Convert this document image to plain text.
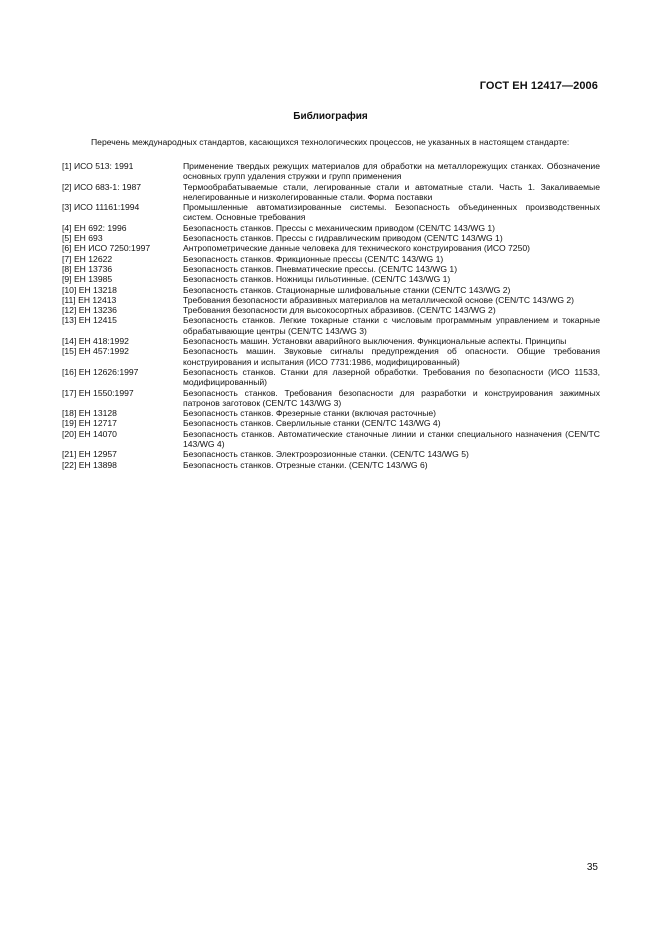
ГОСТ ЕН 12417—2006
Библиография
Перечень международных стандартов, касающихся технологических процессов, не указанных в настоящем стандарте:
[1] ИСО 513: 1991	Применение твердых режущих материалов для обработки на металлорежущих станках. Обозначение основных групп удаления стружки и групп применения
[2] ИСО 683-1: 1987	Термообрабатываемые стали, легированные стали и автоматные стали. Часть 1. Закаливаемые нелегированные и низколегированные стали. Форма поставки
[3] ИСО 11161:1994	Промышленные автоматизированные системы. Безопасность объединенных производственных систем. Основные требования
[4] ЕН 692: 1996	Безопасность станков. Прессы с механическим приводом (CEN/TC 143/WG 1)
[5] ЕН 693	Безопасность станков. Прессы с гидравлическим приводом (CEN/TC 143/WG 1)
[6] ЕН ИСО 7250:1997	Антропометрические данные человека для технического конструирования (ИСО 7250)
[7] ЕН 12622	Безопасность станков. Фрикционные прессы (CEN/TC 143/WG 1)
[8] ЕН 13736	Безопасность станков. Пневматические прессы. (CEN/TC 143/WG 1)
[9] ЕН 13985	Безопасность станков. Ножницы гильотинные. (CEN/TC 143/WG 1)
[10] ЕН 13218	Безопасность станков. Стационарные шлифовальные станки (CEN/TC 143/WG 2)
[11] ЕН 12413	Требования безопасности абразивных материалов на металлической основе (CEN/TC 143/WG 2)
[12] ЕН 13236	Требования безопасности для высокосортных абразивов. (CEN/TC 143/WG 2)
[13] ЕН 12415	Безопасность станков. Легкие токарные станки с числовым программным управлением и токарные обрабатывающие центры (CEN/TC 143/WG 3)
[14] ЕН 418:1992	Безопасность машин. Установки аварийного выключения. Функциональные аспекты. Принципы
[15] ЕН 457:1992	Безопасность машин. Звуковые сигналы предупреждения об опасности. Общие требования конструирования и испытания (ИСО 7731:1986, модифицированный)
[16] ЕН 12626:1997	Безопасность станков. Станки для лазерной обработки. Требования по безопасности (ИСО 11533, модифицированный)
[17] ЕН 1550:1997	Безопасность станков. Требования безопасности для разработки и конструирования зажимных патронов заготовок (CEN/TC 143/WG 3)
[18] ЕН 13128	Безопасность станков. Фрезерные станки (включая расточные)
[19] ЕН 12717	Безопасность станков. Сверлильные станки (CEN/TC 143/WG 4)
[20] ЕН 14070	Безопасность станков. Автоматические станочные линии и станки специального назначения (CEN/TC 143/WG 4)
[21] ЕН 12957	Безопасность станков. Электроэрозионные станки. (CEN/TC 143/WG 5)
[22] ЕН 13898	Безопасность станков. Отрезные станки. (CEN/TC 143/WG 6)
35
